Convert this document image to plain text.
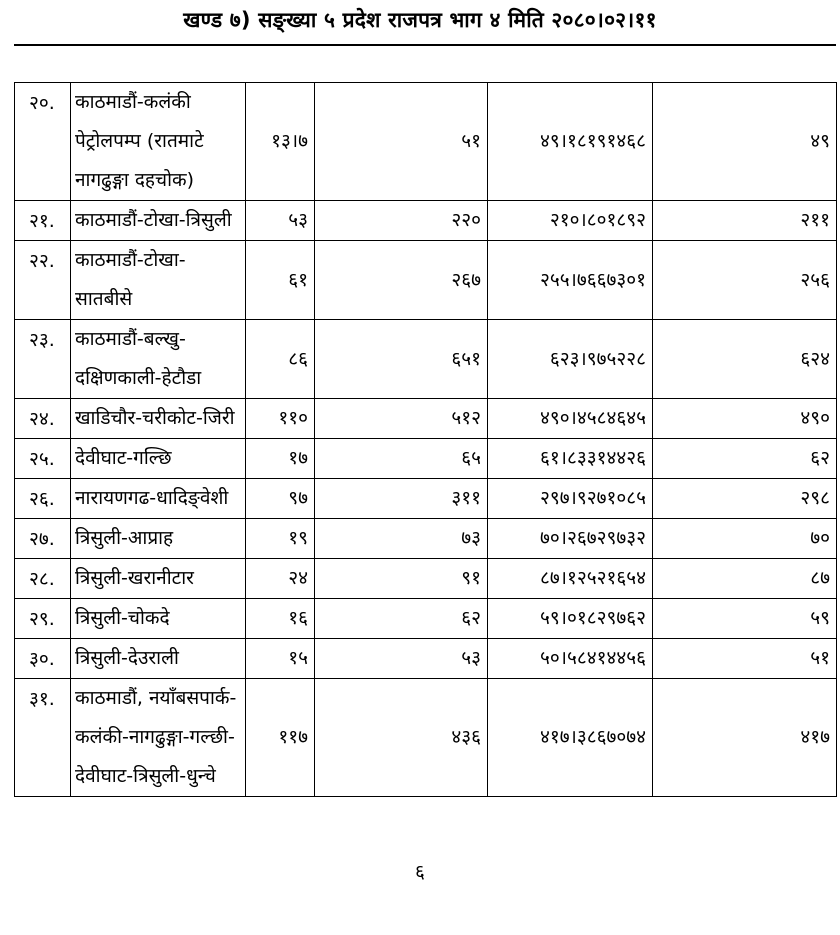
खण्ड ७) सङ्ख्या ५ प्रदेश राजपत्र भाग ४ मिति २०८०।०२।११
२०.	काठमाडौं-कलंकी
पेट्रोलपम्प (रातमाटे
नागढुङ्गा दहचोक)	१३।७	५१	४९।१८१९१४६८	४९
२१.	काठमाडौं-टोखा-त्रिसुली	५३	२२०	२१०।८०१८९२	२११
२२.	काठमाडौं-टोखा-सातबीसे	६१	२६७	२५५।७६६७३०१	२५६
२३.	काठमाडौं-बल्खु-
दक्षिणकाली-हेटौडा	८६	६५१	६२३।९७५२२८	६२४
२४.	खाडिचौर-चरीकोट-जिरी	११०	५१२	४९०।४५८४६४५	४९०
२५.	देवीघाट-गल्छि	१७	६५	६१।८३३१४४२६	६२
२६.	नारायणगढ-धादिङ्वेशी	९७	३११	२९७।९२७१०८५	२९८
२७.	त्रिसुली-आप्राह	१९	७३	७०।२६७२९७३२	७०
२८.	त्रिसुली-खरानीटार	२४	९१	८७।१२५२१६५४	८७
२९.	त्रिसुली-चोकदे	१६	६२	५९।०१८२९७६२	५९
३०.	त्रिसुली-देउराली	१५	५३	५०।५८४१४४५६	५१
३१.	काठमाडौं, नयाँबसपार्क-
कलंकी-नागढुङ्गा-गल्छी-
देवीघाट-त्रिसुली-धुन्चे	११७	४३६	४१७।३८६७०७४	४१७
६
